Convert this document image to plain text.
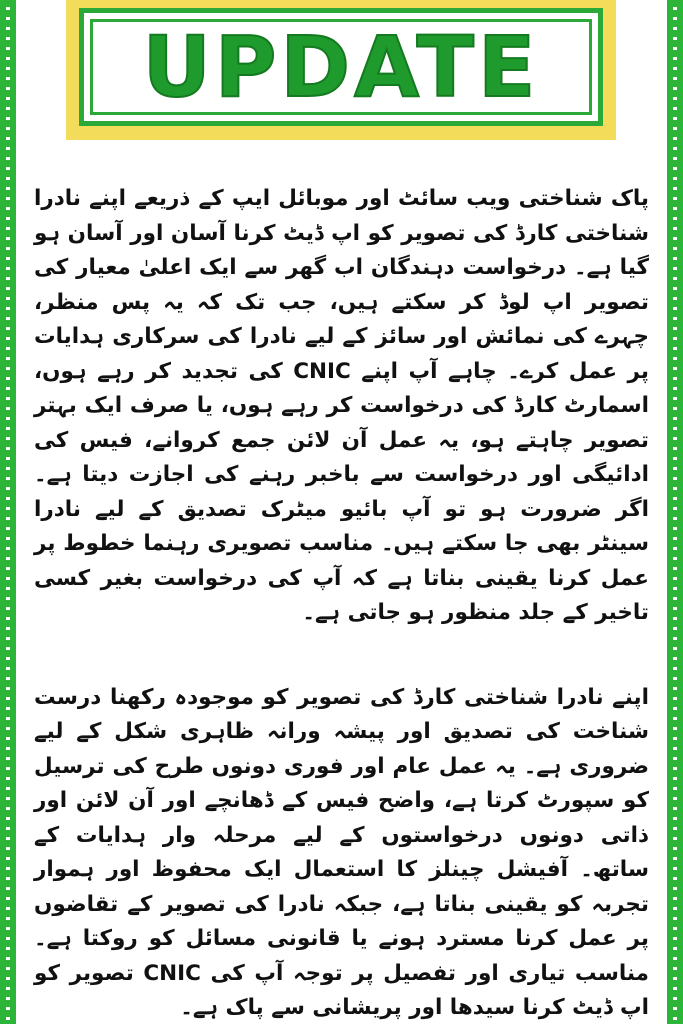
UPDATE

پاک شناختی ویب سائٹ اور موبائل ایپ کے ذریعے اپنے نادرا شناختی کارڈ کی تصویر کو اپ ڈیٹ کرنا آسان اور آسان ہو گیا ہے۔ درخواست دہندگان اب گھر سے ایک اعلیٰ معیار کی تصویر اپ لوڈ کر سکتے ہیں، جب تک کہ یہ پس منظر، چہرے کی نمائش اور سائز کے لیے نادرا کی سرکاری ہدایات پر عمل کرے۔ چاہے آپ اپنے CNIC کی تجدید کر رہے ہوں، اسمارٹ کارڈ کی درخواست کر رہے ہوں، یا صرف ایک بہتر تصویر چاہتے ہو، یہ عمل آن لائن جمع کروانے، فیس کی ادائیگی اور درخواست سے باخبر رہنے کی اجازت دیتا ہے۔ اگر ضرورت ہو تو آپ بائیو میٹرک تصدیق کے لیے نادرا سینٹر بھی جا سکتے ہیں۔ مناسب تصویری رہنما خطوط پر عمل کرنا یقینی بناتا ہے کہ آپ کی درخواست بغیر کسی تاخیر کے جلد منظور ہو جاتی ہے۔

اپنے نادرا شناختی کارڈ کی تصویر کو موجودہ رکھنا درست شناخت کی تصدیق اور پیشہ ورانہ ظاہری شکل کے لیے ضروری ہے۔ یہ عمل عام اور فوری دونوں طرح کی ترسیل کو سپورٹ کرتا ہے، واضح فیس کے ڈھانچے اور آن لائن اور ذاتی دونوں درخواستوں کے لیے مرحلہ وار ہدایات کے ساتھ۔ آفیشل چینلز کا استعمال ایک محفوظ اور ہموار تجربہ کو یقینی بناتا ہے، جبکہ نادرا کی تصویر کے تقاضوں پر عمل کرنا مسترد ہونے یا قانونی مسائل کو روکتا ہے۔ مناسب تیاری اور تفصیل پر توجہ آپ کی CNIC تصویر کو اپ ڈیٹ کرنا سیدھا اور پریشانی سے پاک ہے۔
